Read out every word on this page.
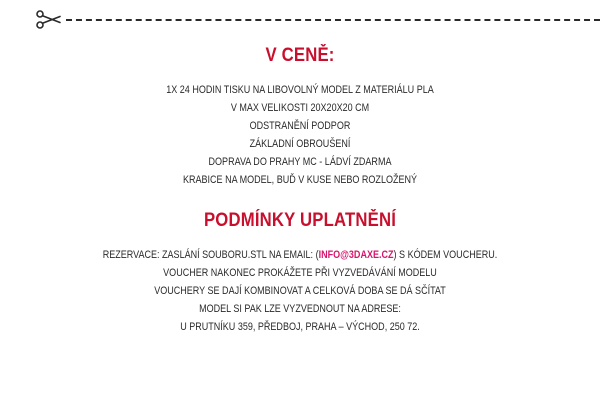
V CENĚ:
1X 24 HODIN TISKU NA LIBOVOLNÝ MODEL Z MATERIÁLU PLA
V MAX VELIKOSTI 20X20X20 CM
ODSTRANĚNÍ PODPOR
ZÁKLADNÍ OBROUŠENÍ
DOPRAVA DO PRAHY MC - LÁDVÍ ZDARMA
KRABICE NA MODEL, BUĎ V KUSE NEBO ROZLOŽENÝ
PODMÍNKY UPLATNĚNÍ
REZERVACE: ZASLÁNÍ SOUBORU.STL NA EMAIL: (INFO@3DAXE.CZ) S KÓDEM VOUCHERU.
VOUCHER NAKONEC PROKÁŽETE PŘI VYZVEDÁVÁNÍ MODELU
VOUCHERY SE DAJÍ KOMBINOVAT A CELKOVÁ DOBA SE DÁ SČÍTAT
MODEL SI PAK LZE VYZVEDNOUT NA ADRESE:
U PRUTNÍKU 359, PŘEDBOJ, PRAHA – VÝCHOD, 250 72.
